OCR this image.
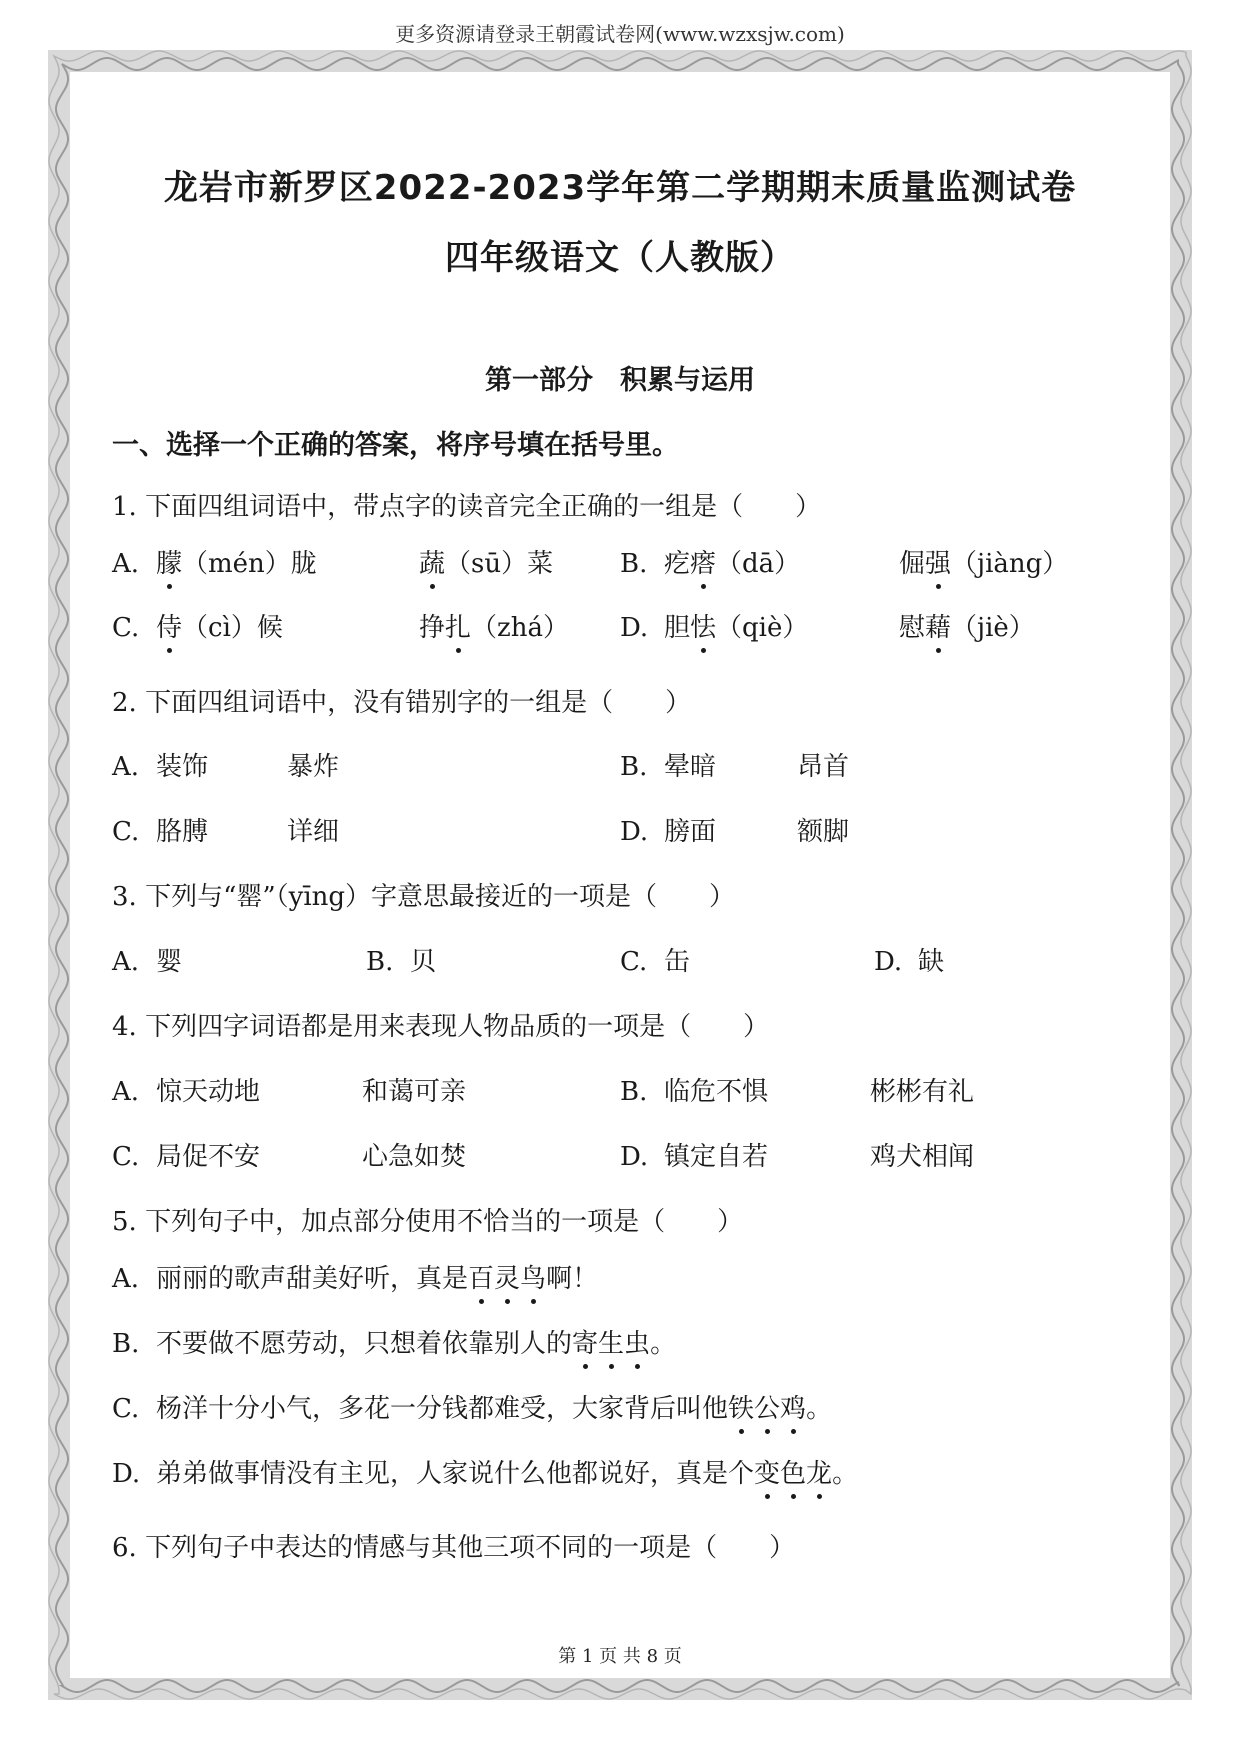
更多资源请登录王朝霞试卷网(www.wzxsjw.com)
龙岩市新罗区2022-2023学年第二学期期末质量监测试卷
四年级语文（人教版）
第一部分　积累与运用
一、选择一个正确的答案，将序号填在括号里。
1. 下面四组词语中，带点字的读音完全正确的一组是（　　）
A. 朦（mén）胧	蔬（sū）菜	B. 疙瘩（dā）	倔强（jiàng）
C. 侍（cì）候	挣扎（zhá） D. 胆怯（qiè）	慰藉（jiè）
2. 下面四组词语中，没有错别字的一组是（　　）
A. 装饰	暴炸	B. 晕暗	昂首
C. 胳膊	详细	D. 膀面	额脚
3. 下列与“罂”（yīng）字意思最接近的一项是（　　）
A. 婴	B. 贝	C. 缶	D. 缺
4. 下列四字词语都是用来表现人物品质的一项是（　　）
A. 惊天动地	和蔼可亲	B. 临危不惧	彬彬有礼
C. 局促不安	心急如焚	D. 镇定自若	鸡犬相闻
5. 下列句子中，加点部分使用不恰当的一项是（　　）
A. 丽丽的歌声甜美好听，真是百灵鸟啊！
B. 不要做不愿劳动，只想着依靠别人的寄生虫。
C. 杨洋十分小气，多花一分钱都难受，大家背后叫他铁公鸡。
D. 弟弟做事情没有主见，人家说什么他都说好，真是个变色龙。
6. 下列句子中表达的情感与其他三项不同的一项是（　　）
第 1 页 共 8 页
